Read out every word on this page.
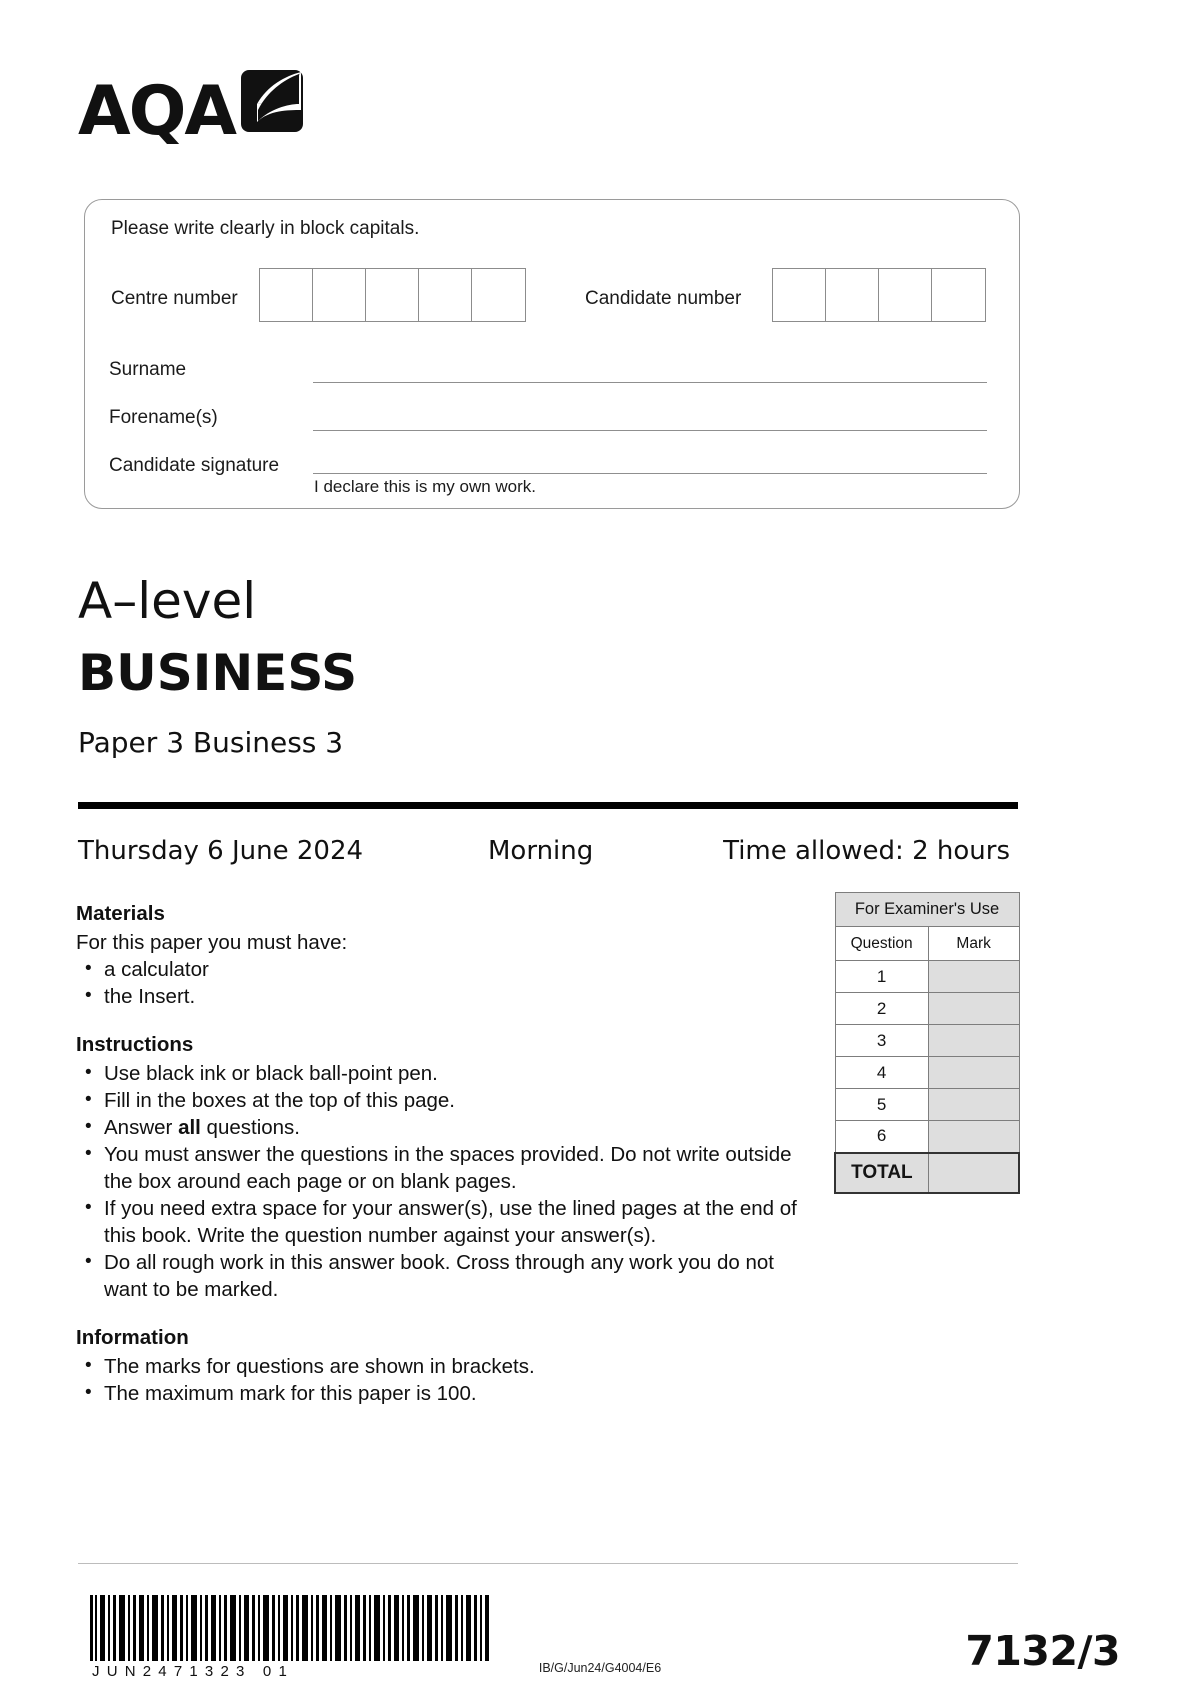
AQA
Please write clearly in block capitals.
Centre number	Candidate number
Surname
Forename(s)
Candidate signature
I declare this is my own work.
A–level
BUSINESS
Paper 3 Business 3
Thursday 6 June 2024	Morning	Time allowed: 2 hours
Materials

For this paper you must have:

• a calculator
• the Insert.
Instructions
• Use black ink or black ball-point pen.
• Fill in the boxes at the top of this page.
• Answer all questions.
• You must answer the questions in the spaces provided. Do not write outside the box around each page or on blank pages.
• If you need extra space for your answer(s), use the lined pages at the end of this book. Write the question number against your answer(s).
• Do all rough work in this answer book. Cross through any work you do not want to be marked.
Information
• The marks for questions are shown in brackets.
• The maximum mark for this paper is 100.
For Examiner's Use	
Question	Mark
1	
2	
3	
4	
5	
6	
TOTAL	
JUN2471323 01	IB/G/Jun24/G4004/E6	7132/3
